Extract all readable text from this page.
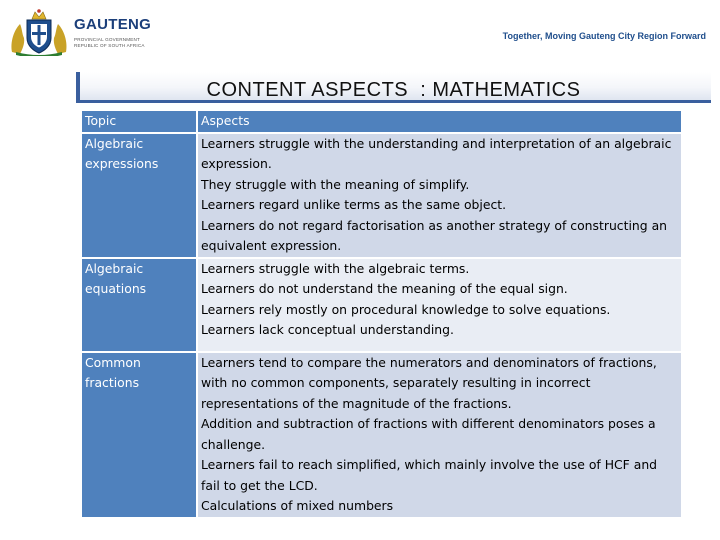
GAUTENG
PROVINCIAL GOVERNMENT
REPUBLIC OF SOUTH AFRICA
Together, Moving Gauteng City Region Forward
CONTENT ASPECTS  : MATHEMATICS
Topic	Aspects
Algebraic expressions	Learners struggle with the understanding and interpretation of an algebraic expression.
They struggle with the meaning of simplify.
Learners regard unlike terms as the same object.
Learners do not regard factorisation as another strategy of constructing an equivalent expression.

Algebraic equations	Learners struggle with the algebraic terms.
Learners do not understand the meaning of the equal sign.
Learners rely mostly on procedural knowledge to solve equations.
Learners lack conceptual understanding.

Common fractions	Learners tend to compare the numerators and denominators of fractions, with no common components, separately resulting in incorrect representations of the magnitude of the fractions.
Addition and subtraction of fractions with different denominators poses a challenge.
Learners fail to reach simplified, which mainly involve the use of HCF and fail to get the LCD.
Calculations of mixed numbers
